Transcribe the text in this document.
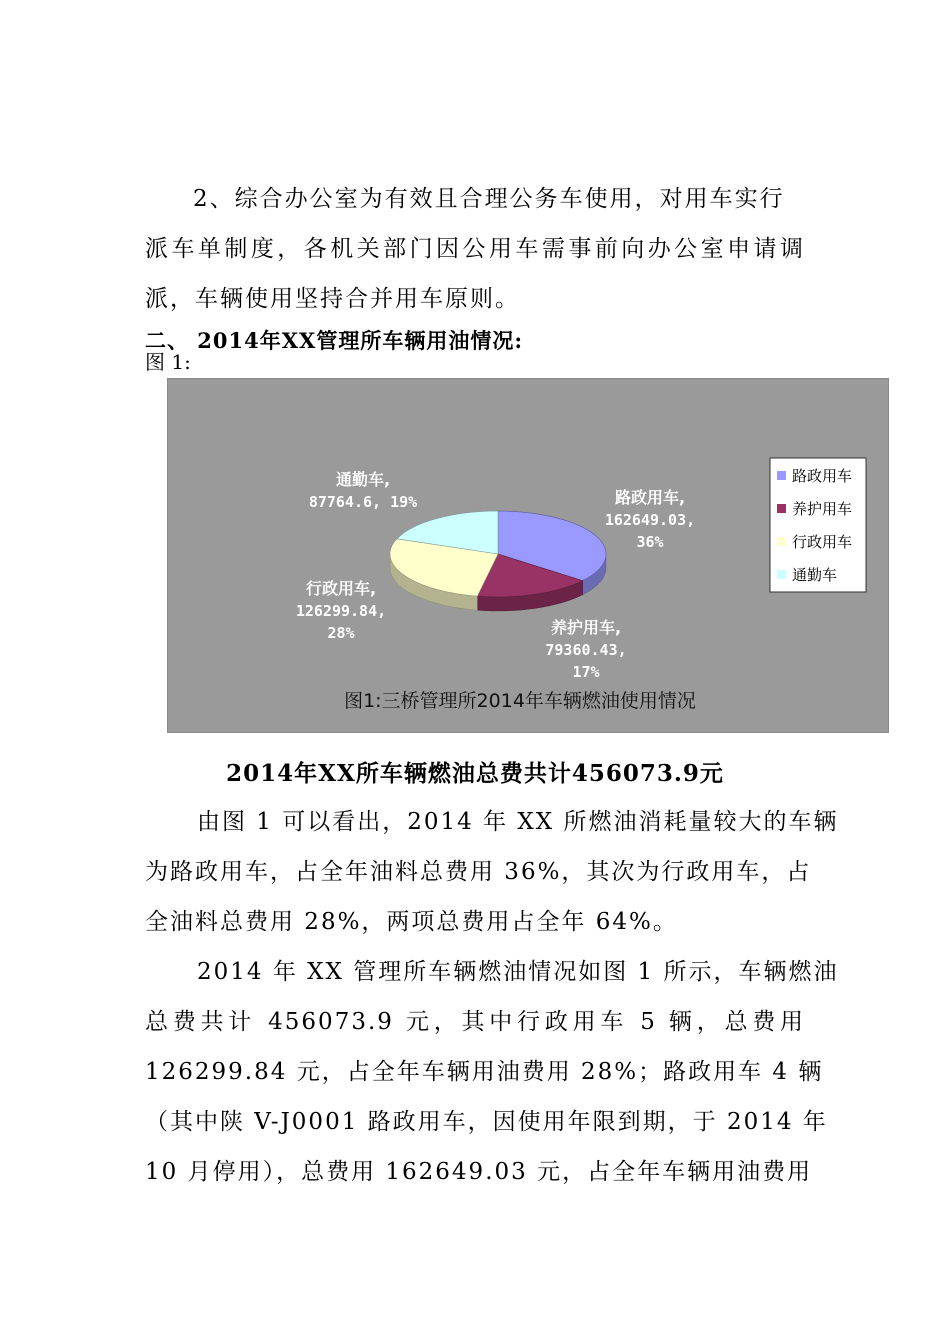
2、综合办公室为有效且合理公务车使用，对用车实行
派车单制度，各机关部门因公用车需事前向办公室申请调
派，车辆使用坚持合并用车原则。
二、 2014年XX管理所车辆用油情况:
图 1:
路政用车,
162649.03,
36%
养护用车,
79360.43,
17%
行政用车,
126299.84,
28%
通勤车,
87764.6, 19%
路政用车
养护用车
行政用车
通勤车
图1:三桥管理所2014年车辆燃油使用情况
2014年XX所车辆燃油总费共计456073.9元
由图 1 可以看出，2014 年 XX 所燃油消耗量较大的车辆
为路政用车，占全年油料总费用 36%，其次为行政用车，占
全油料总费用 28%，两项总费用占全年 64%。
2014 年 XX 管理所车辆燃油情况如图 1 所示，车辆燃油
总费共计 456073.9 元，其中行政用车 5 辆，总费用
126299.84 元，占全年车辆用油费用 28%；路政用车 4 辆
（其中陕 V-J0001 路政用车，因使用年限到期，于 2014 年
10 月停用），总费用 162649.03 元，占全年车辆用油费用
